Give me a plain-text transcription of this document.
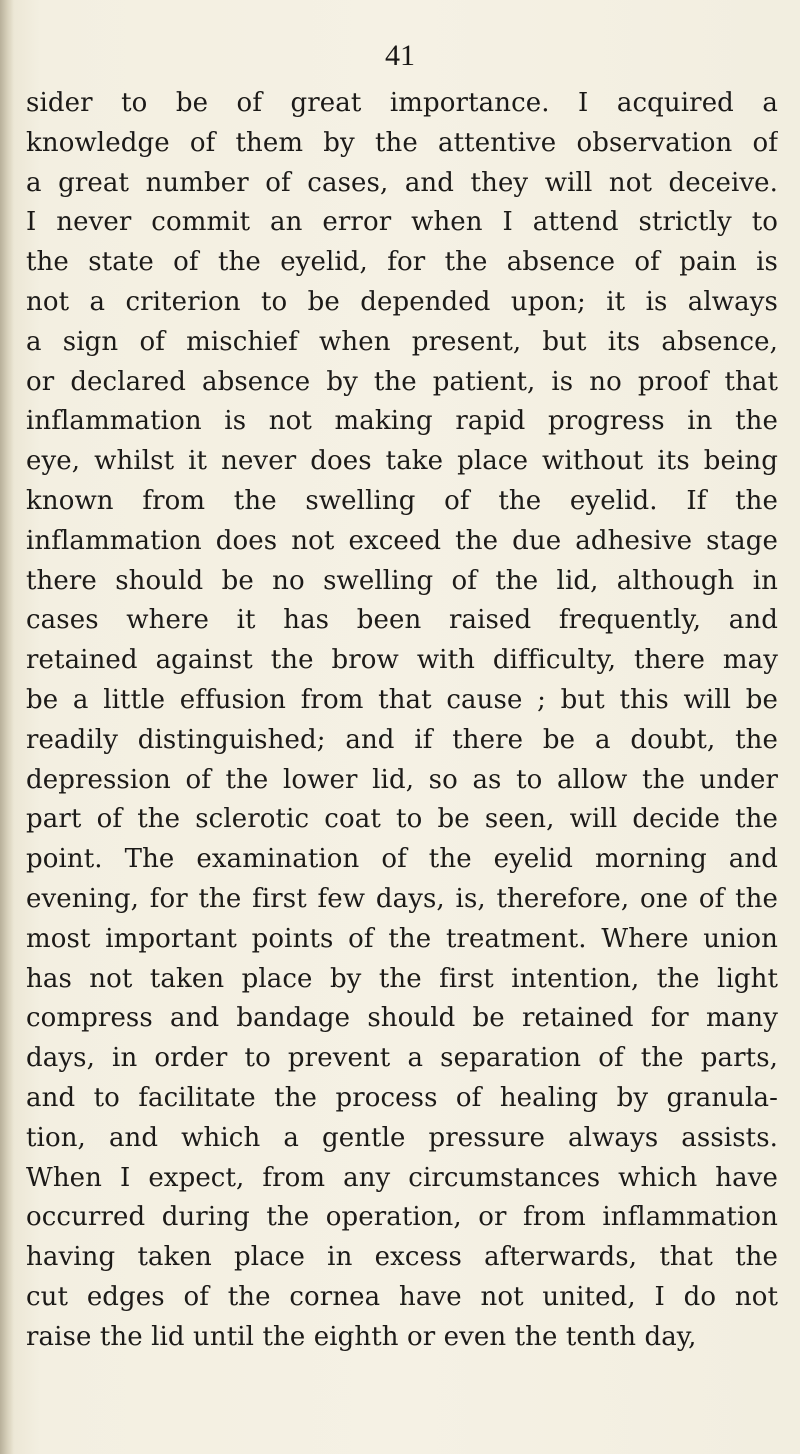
41
sider to be of great importance. I acquired a
knowledge of them by the attentive observation of
a great number of cases, and they will not deceive.
I never commit an error when I attend strictly to
the state of the eyelid, for the absence of pain is
not a criterion to be depended upon; it is always
a sign of mischief when present, but its absence,
or declared absence by the patient, is no proof that
inflammation is not making rapid progress in the
eye, whilst it never does take place without its being
known from the swelling of the eyelid. If the
inflammation does not exceed the due adhesive stage
there should be no swelling of the lid, although in
cases where it has been raised frequently, and
retained against the brow with difficulty, there may
be a little effusion from that cause ; but this will be
readily distinguished; and if there be a doubt, the
depression of the lower lid, so as to allow the under
part of the sclerotic coat to be seen, will decide the
point. The examination of the eyelid morning and
evening, for the first few days, is, therefore, one of the
most important points of the treatment. Where union
has not taken place by the first intention, the light
compress and bandage should be retained for many
days, in order to prevent a separation of the parts,
and to facilitate the process of healing by granula-
tion, and which a gentle pressure always assists.
When I expect, from any circumstances which have
occurred during the operation, or from inflammation
having taken place in excess afterwards, that the
cut edges of the cornea have not united, I do not
raise the lid until the eighth or even the tenth day,
